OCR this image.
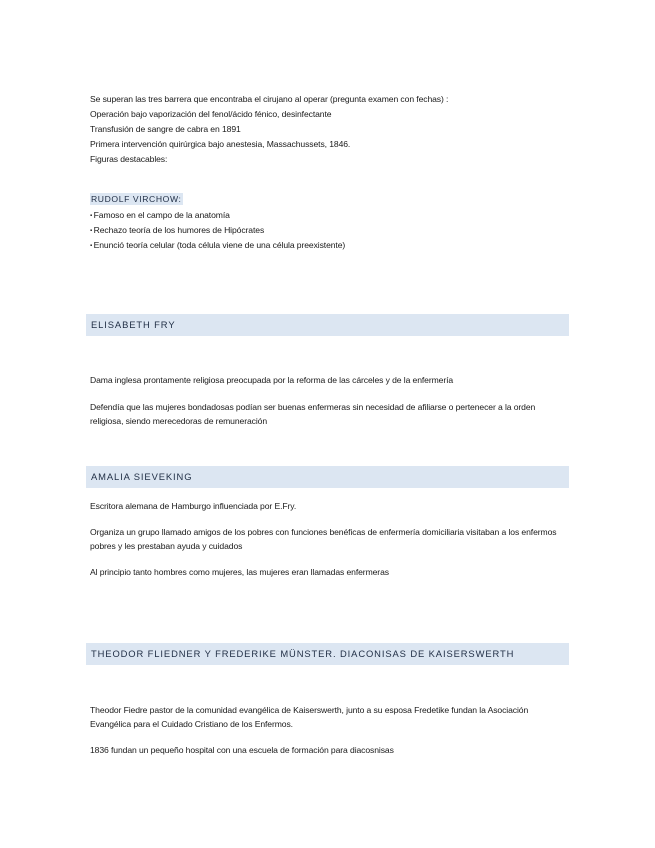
Se superan las tres barrera que encontraba el cirujano al operar (pregunta examen con fechas) :
Operación bajo vaporización del fenol/ácido fénico, desinfectante
Transfusión de sangre de cabra en 1891
Primera intervención quirúrgica bajo anestesia, Massachussets, 1846.
Figuras destacables:
RUDOLF VIRCHOW:
▪ Famoso en el campo de la anatomía
▪ Rechazo teoría de los humores de Hipócrates
▪ Enunció teoría celular (toda célula viene de una célula preexistente)
ELISABETH FRY
Dama inglesa prontamente religiosa preocupada por la reforma de las cárceles y de la enfermería
Defendía que las mujeres bondadosas podían ser buenas enfermeras sin necesidad de afiliarse o pertenecer a la orden religiosa, siendo merecedoras de remuneración
AMALIA SIEVEKING
Escritora alemana de Hamburgo influenciada por E.Fry.
Organiza un grupo llamado amigos de los pobres con funciones benéficas de enfermería domiciliaria visitaban a los enfermos pobres y les prestaban ayuda y cuidados
Al principio tanto hombres como mujeres, las mujeres eran llamadas enfermeras
THEODOR FLIEDNER Y FREDERIKE MÜNSTER. DIACONISAS DE KAISERSWERTH
Theodor Fiedre pastor de la comunidad evangélica de Kaiserswerth, junto a su esposa Fredetike fundan la Asociación Evangélica para el Cuidado Cristiano de los Enfermos.
1836 fundan un pequeño hospital con una escuela de formación para diacosnisas
